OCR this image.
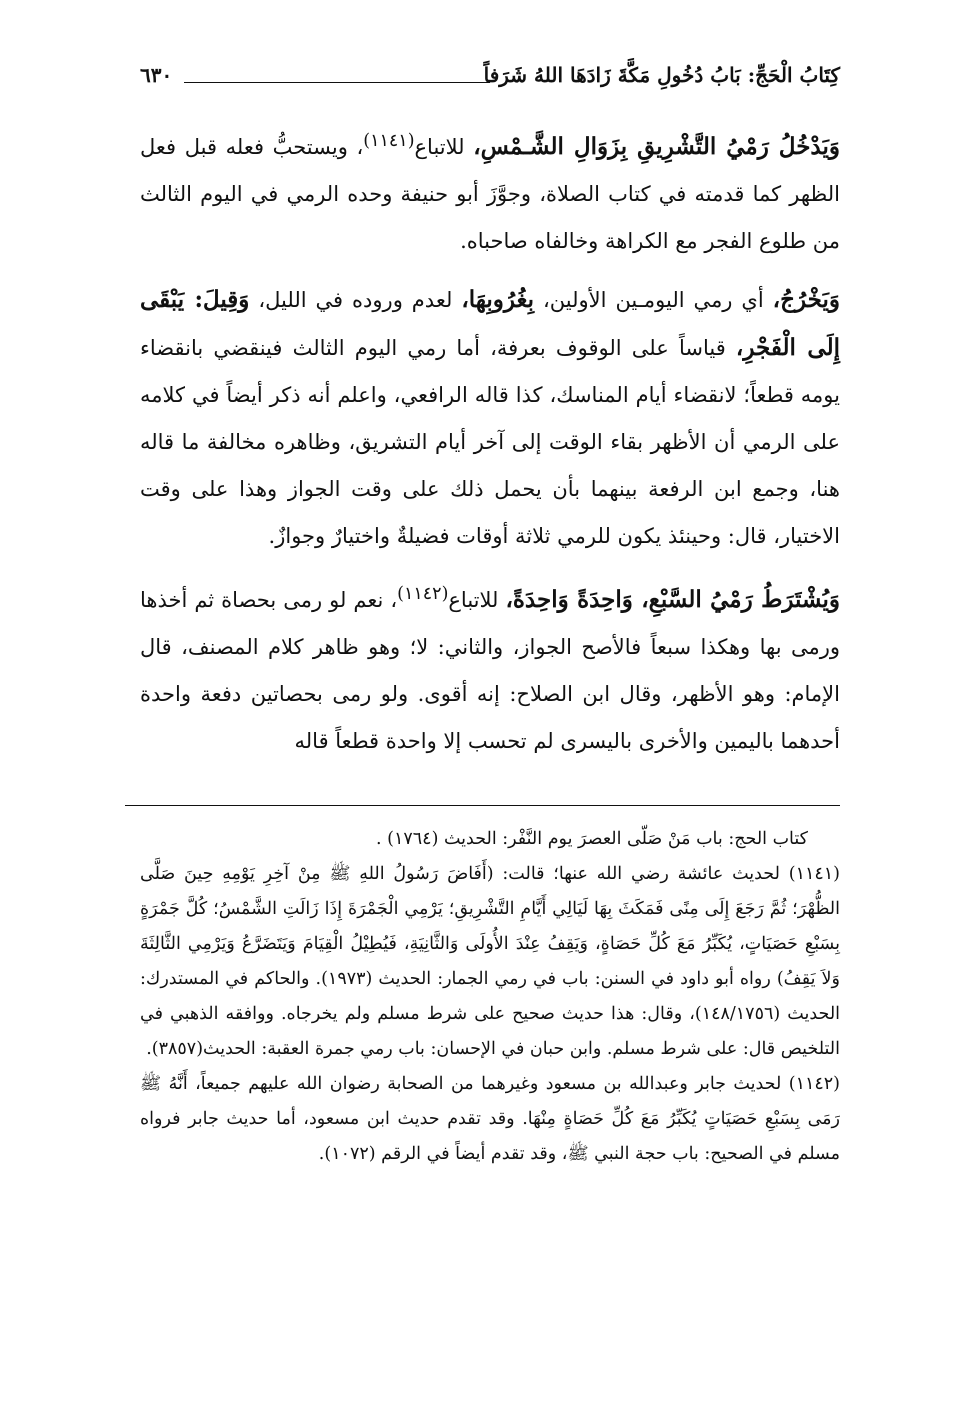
كِتَابُ الْحَجِّ: بَابُ دُخُولِ مَكَّةَ زَادَهَا اللهُ شَرَفاً
٦٣٠

وَيَدْخُلُ رَمْيُ التَّشْرِيقِ بِزَوَالِ الشَّـمْسِ، للاتباع$^{(١١٤١)}$، ويستحبُّ فعله قبل فعل الظهر كما قدمته في كتاب الصلاة، وجوَّزَ أبو حنيفة وحده الرمي في اليوم الثالث من طلوع الفجر مع الكراهة وخالفاه صاحباه.

وَيَخْرُجُ، أي رمي اليومـين الأولين، بِغُرُوبِهَا، لعدم وروده في الليل، وَقِيلَ: يَبْقَى إِلَى الْفَجْرِ، قياساً على الوقوف بعرفة، أما رمي اليوم الثالث فينقضي بانقضاء يومه قطعاً؛ لانقضاء أيام المناسك، كذا قاله الرافعي، واعلم أنه ذكر أيضاً في كلامه على الرمي أن الأظهر بقاء الوقت إلى آخر أيام التشريق، وظاهره مخالفة ما قاله هنا، وجمع ابن الرفعة بينهما بأن يحمل ذلك على وقت الجواز وهذا على وقت الاختيار، قال: وحينئذ يكون للرمي ثلاثة أوقات فضيلةٌ واختيارٌ وجوازٌ.

وَيُشْتَرَطُ رَمْيُ السَّبْعِ، وَاحِدَةً وَاحِدَةً، للاتباع$^{(١١٤٢)}$، نعم لو رمى بحصاة ثم أخذها ورمى بها وهكذا سبعاً فالأصح الجواز، والثاني: لا؛ وهو ظاهر كلام المصنف، قال الإمام: وهو الأظهر، وقال ابن الصلاح: إنه أقوى. ولو رمى بحصاتين دفعة واحدة أحدهما باليمين والأخرى باليسرى لم تحسب إلا واحدة قطعاً قاله

كتاب الحج: باب مَنْ صَلّى العصرَ يوم النَّفْر: الحديث (١٧٦٤) .

(١١٤١) لحديث عائشة رضي الله عنها؛ قالت: (أَفَاضَ رَسُولُ اللهِ ﷺ مِنْ آخِرِ يَوْمِهِ حِينَ صَلَّى الظُّهْرَ؛ ثُمَّ رَجَعَ إِلَى مِنًى فَمَكَثَ بِهَا لَيَالِي أَيَّامِ التَّشْرِيقِ؛ يَرْمِي الْجَمْرَةَ إِذَا زَالَتِ الشَّمْسُ؛ كُلَّ جَمْرَةٍ بِسَبْعِ حَصَيَاتٍ، يُكَبِّرُ مَعَ كُلِّ حَصَاةٍ، وَيَقِفُ عِنْدَ الأُولَى وَالثَّانِيَةِ، فَيُطِيْلُ الْقِيَامَ وَيَتَضَرَّعُ وَيَرْمِي الثَّالِثَةَ وَلاَ يَقِفُ) رواه أبو داود في السنن: باب في رمي الجمار: الحديث (١٩٧٣). والحاكم في المستدرك: الحديث (١٤٨/١٧٥٦)، وقال: هذا حديث صحيح على شرط مسلم ولم يخرجاه. ووافقه الذهبي في التلخيص قال: على شرط مسلم. وابن حبان في الإحسان: باب رمي جمرة العقبة: الحديث(٣٨٥٧).

(١١٤٢) لحديث جابر وعبدالله بن مسعود وغيرهما من الصحابة رضوان الله عليهم جميعاً، أَنَّهُ ﷺ رَمَى بِسَبْعِ حَصَيَاتٍ يُكَبِّرُ مَعَ كُلِّ حَصَاةٍ مِنْهَا. وقد تقدم حديث ابن مسعود، أما حديث جابر فرواه مسلم في الصحيح: باب حجة النبي ﷺ، وقد تقدم أيضاً في الرقم (١٠٧٢).
